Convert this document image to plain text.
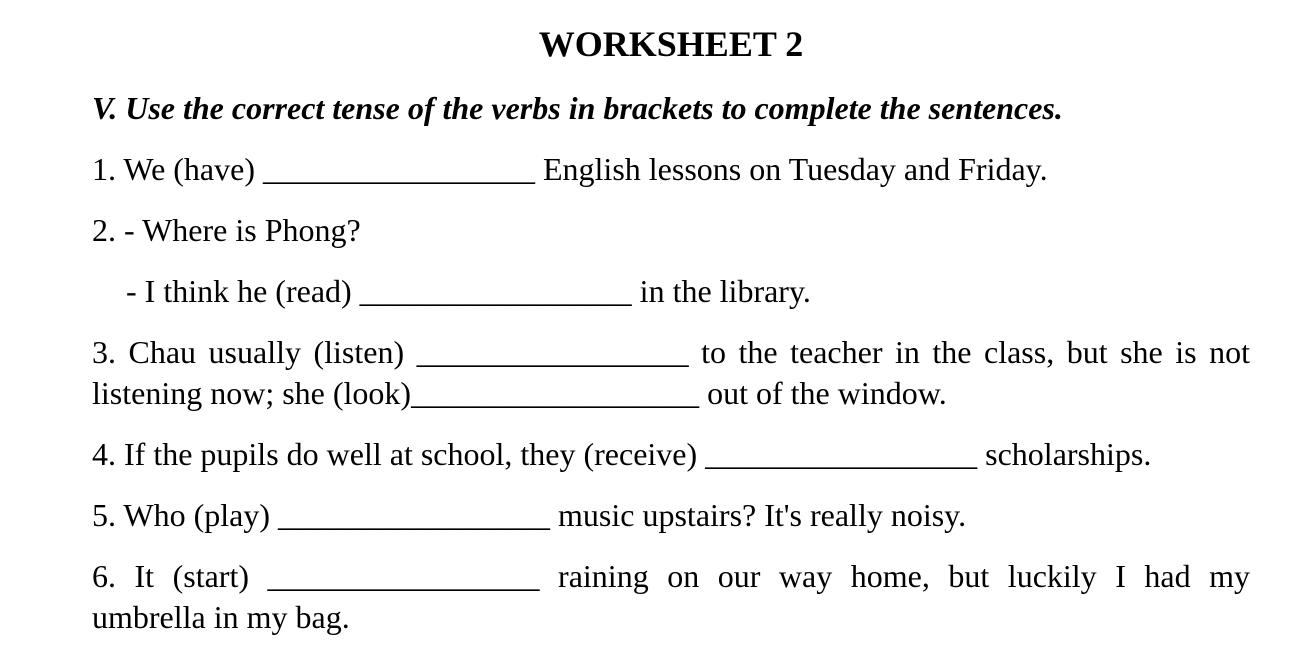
WORKSHEET 2
V. Use the correct tense of the verbs in brackets to complete the sentences.
1. We (have) _________________ English lessons on Tuesday and Friday.
2. - Where is Phong?
- I think he (read) _________________ in the library.
3. Chau usually (listen) _________________ to the teacher in the class, but she is not
listening now; she (look)__________________ out of the window.
4. If the pupils do well at school, they (receive) _________________ scholarships.
5. Who (play) _________________ music upstairs? It's really noisy.
6. It (start) _________________ raining on our way home, but luckily I had my
umbrella in my bag.
